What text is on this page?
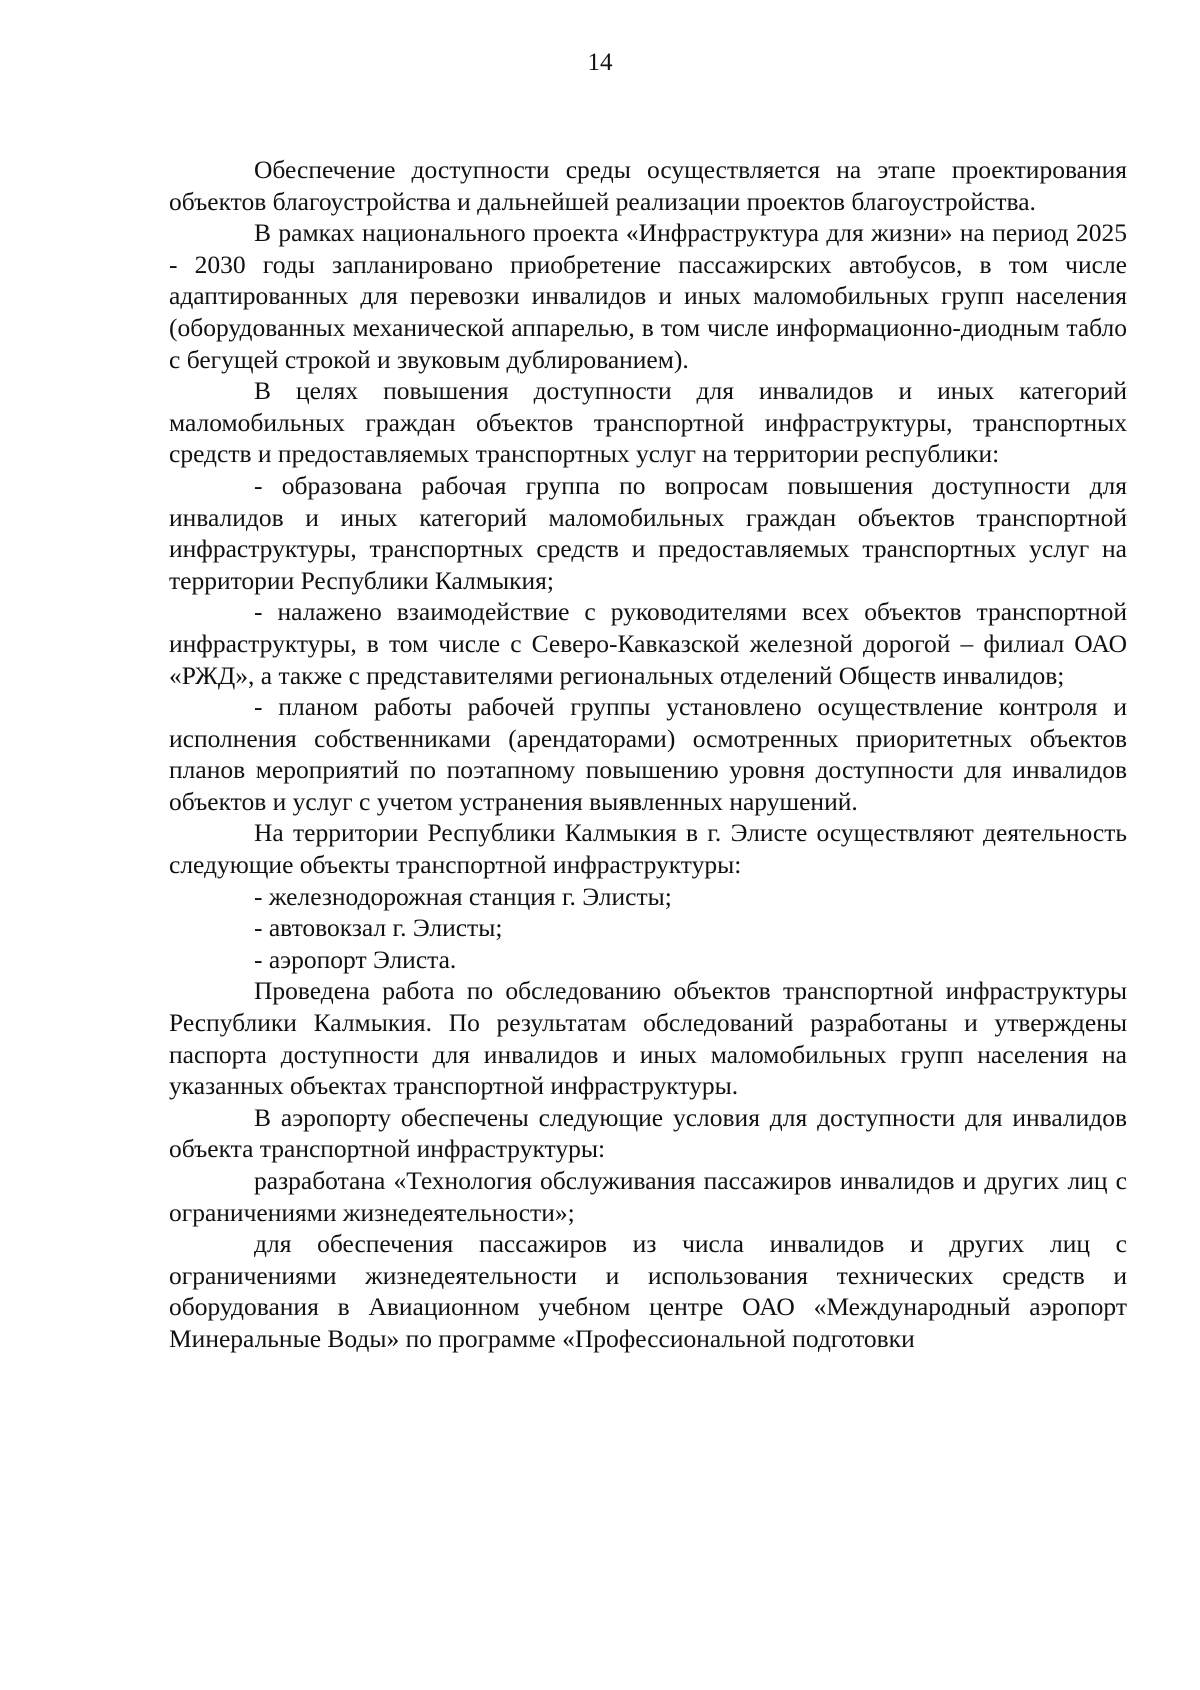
14

Обеспечение доступности среды осуществляется на этапе проектирования объектов благоустройства и дальнейшей реализации проектов благоустройства.

В рамках национального проекта «Инфраструктура для жизни» на период 2025 - 2030 годы запланировано приобретение пассажирских автобусов, в том числе адаптированных для перевозки инвалидов и иных маломобильных групп населения (оборудованных механической аппарелью, в том числе информационно-диодным табло с бегущей строкой и звуковым дублированием).

В целях повышения доступности для инвалидов и иных категорий маломобильных граждан объектов транспортной инфраструктуры, транспортных средств и предоставляемых транспортных услуг на территории республики:

- образована рабочая группа по вопросам повышения доступности для инвалидов и иных категорий маломобильных граждан объектов транспортной инфраструктуры, транспортных средств и предоставляемых транспортных услуг на территории Республики Калмыкия;

- налажено взаимодействие с руководителями всех объектов транспортной инфраструктуры, в том числе с Северо-Кавказской железной дорогой – филиал ОАО «РЖД», а также с представителями региональных отделений Обществ инвалидов;

- планом работы рабочей группы установлено осуществление контроля и исполнения собственниками (арендаторами) осмотренных приоритетных объектов планов мероприятий по поэтапному повышению уровня доступности для инвалидов объектов и услуг с учетом устранения выявленных нарушений.

На территории Республики Калмыкия в г. Элисте осуществляют деятельность следующие объекты транспортной инфраструктуры:

- железнодорожная станция г. Элисты;

- автовокзал г. Элисты;

- аэропорт Элиста.

Проведена работа по обследованию объектов транспортной инфраструктуры Республики Калмыкия. По результатам обследований разработаны и утверждены паспорта доступности для инвалидов и иных маломобильных групп населения на указанных объектах транспортной инфраструктуры.

В аэропорту обеспечены следующие условия для доступности для инвалидов объекта транспортной инфраструктуры:

разработана «Технология обслуживания пассажиров инвалидов и других лиц с ограничениями жизнедеятельности»;

для обеспечения пассажиров из числа инвалидов и других лиц с ограничениями жизнедеятельности и использования технических средств и оборудования в Авиационном учебном центре ОАО «Международный аэропорт Минеральные Воды» по программе «Профессиональной подготовки
